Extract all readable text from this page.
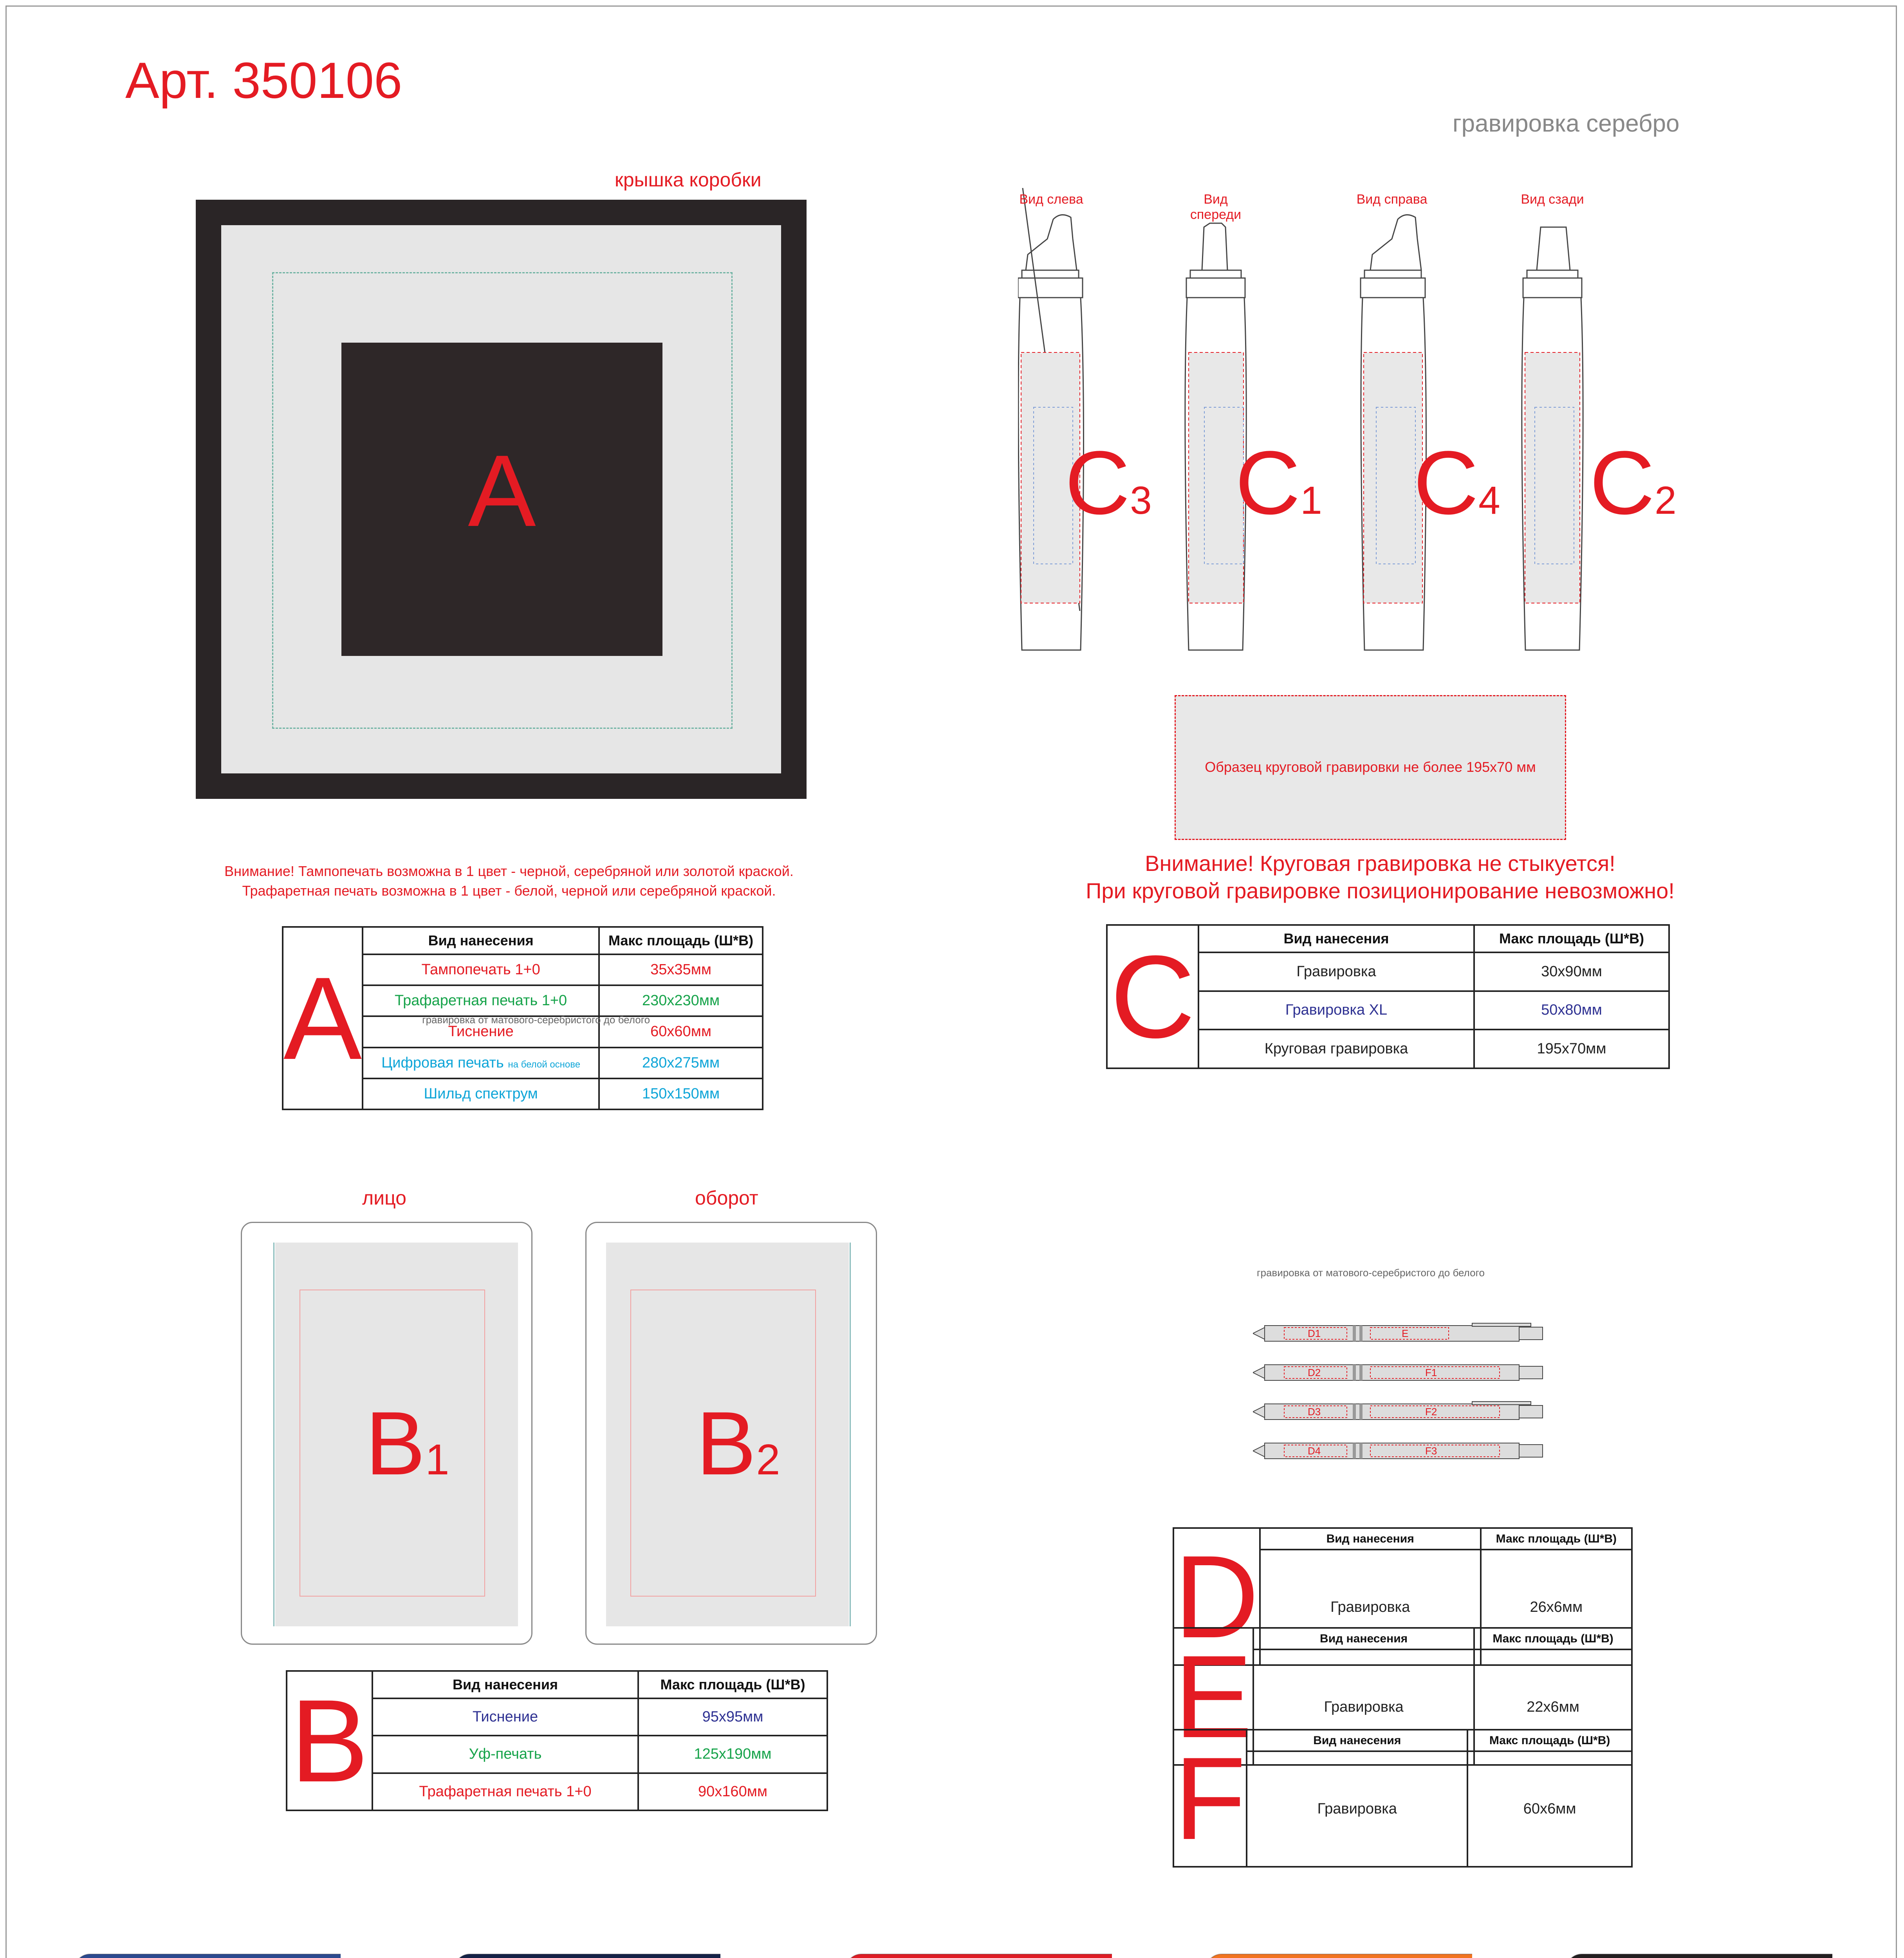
Арт. 350106
гравировка серебро
крышка коробки
A
Вид слева	Вид спереди
Вид справа	Вид сзади
C3 C1 C4 C2
Образец круговой гравировки не более 195x70 мм
Внимание! Круговая гравировка не стыкуется!
При круговой гравировке позиционирование невозможно!
Внимание! Тампопечать возможна в 1 цвет - черной, серебряной или золотой краской.
Трафаретная печать возможна в 1 цвет - белой, черной или серебряной краской.
A	Вид нанесения	Макс площадь (Ш*В)
	Тампопечать 1+0	35x35мм
	Трафаретная печать 1+0	230x230мм

	гравировка от матового-серебристого до белого
Тиснение	60x60мм
	Цифровая печать на белой основе	280x275мм
	Шильд спектрум	150x150мм
C	Вид нанесения	Макс площадь (Ш*В)
	Гравировка	30x90мм
	Гравировка XL	50x80мм
	Круговая гравировка	195x70мм
лицо	оборот
B1	B2
B	Вид нанесения	Макс площадь (Ш*В)
	Тиснение	95x95мм
	Уф-печать	125x190мм
	Трафаретная печать 1+0	90x160мм
гравировка от матового-серебристого до белого
D1	E
D2	F1
D3	F2
D4	F3
D	Вид нанесения	Макс площадь (Ш*В)
	Гравировка	26x6мм
E	Вид нанесения	Макс площадь (Ш*В)
	Гравировка	22x6мм
F	Вид нанесения	Макс площадь (Ш*В)
	Гравировка	60x6мм
